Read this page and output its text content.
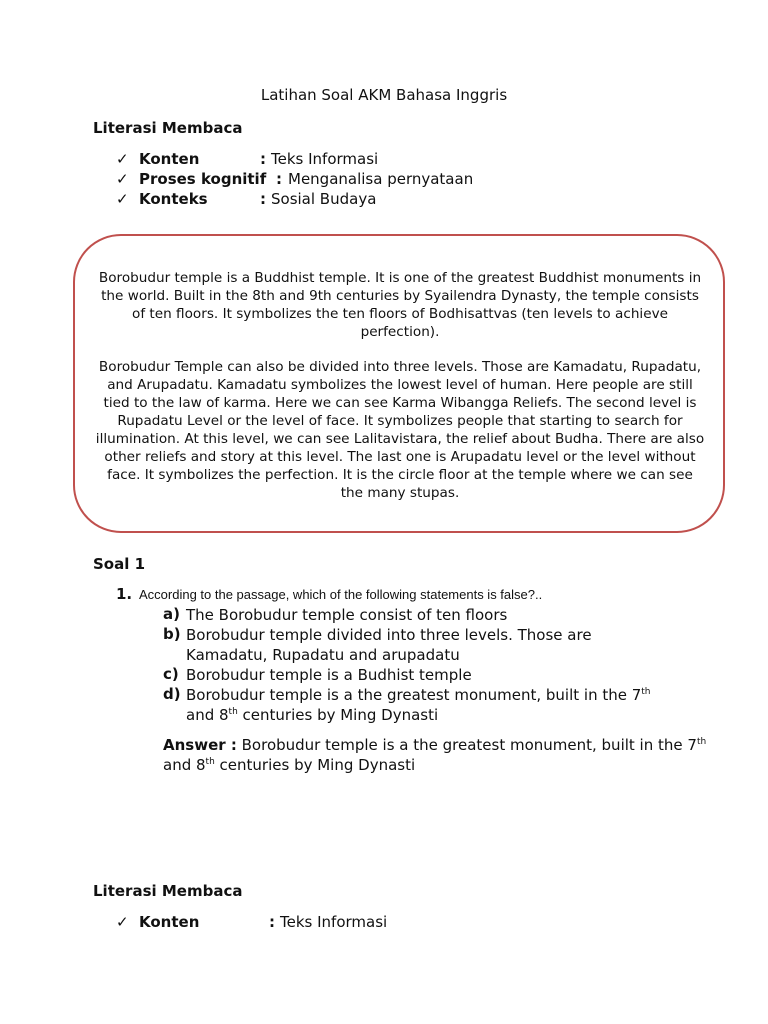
Latihan Soal AKM Bahasa Inggris
Literasi Membaca
✓ Konten	: Teks Informasi
✓ Proses kognitif : Menganalisa pernyataan
✓ Konteks	: Sosial Budaya

Borobudur temple is a Buddhist temple. It is one of the greatest Buddhist monuments in the world. Built in the 8th and 9th centuries by Syailendra Dynasty, the temple consists of ten floors. It symbolizes the ten floors of Bodhisattvas (ten levels to achieve perfection).

Borobudur Temple can also be divided into three levels. Those are Kamadatu, Rupadatu, and Arupadatu. Kamadatu symbolizes the lowest level of human. Here people are still tied to the law of karma. Here we can see Karma Wibangga Reliefs. The second level is Rupadatu Level or the level of face. It symbolizes people that starting to search for illumination. At this level, we can see Lalitavistara, the relief about Budha. There are also other reliefs and story at this level. The last one is Arupadatu level or the level without face. It symbolizes the perfection. It is the circle floor at the temple where we can see the many stupas.

Soal 1
1. According to the passage, which of the following statements is false?..
a) The Borobudur temple consist of ten floors
b) Borobudur temple divided into three levels. Those are Kamadatu, Rupadatu and arupadatu
c) Borobudur temple is a Budhist temple
d) Borobudur temple is a the greatest monument, built in the 7th
and 8th centuries by Ming Dynasti
Answer : Borobudur temple is a the greatest monument, built in the 7th and 8th centuries by Ming Dynasti
Literasi Membaca
✓ Konten	: Teks Informasi
